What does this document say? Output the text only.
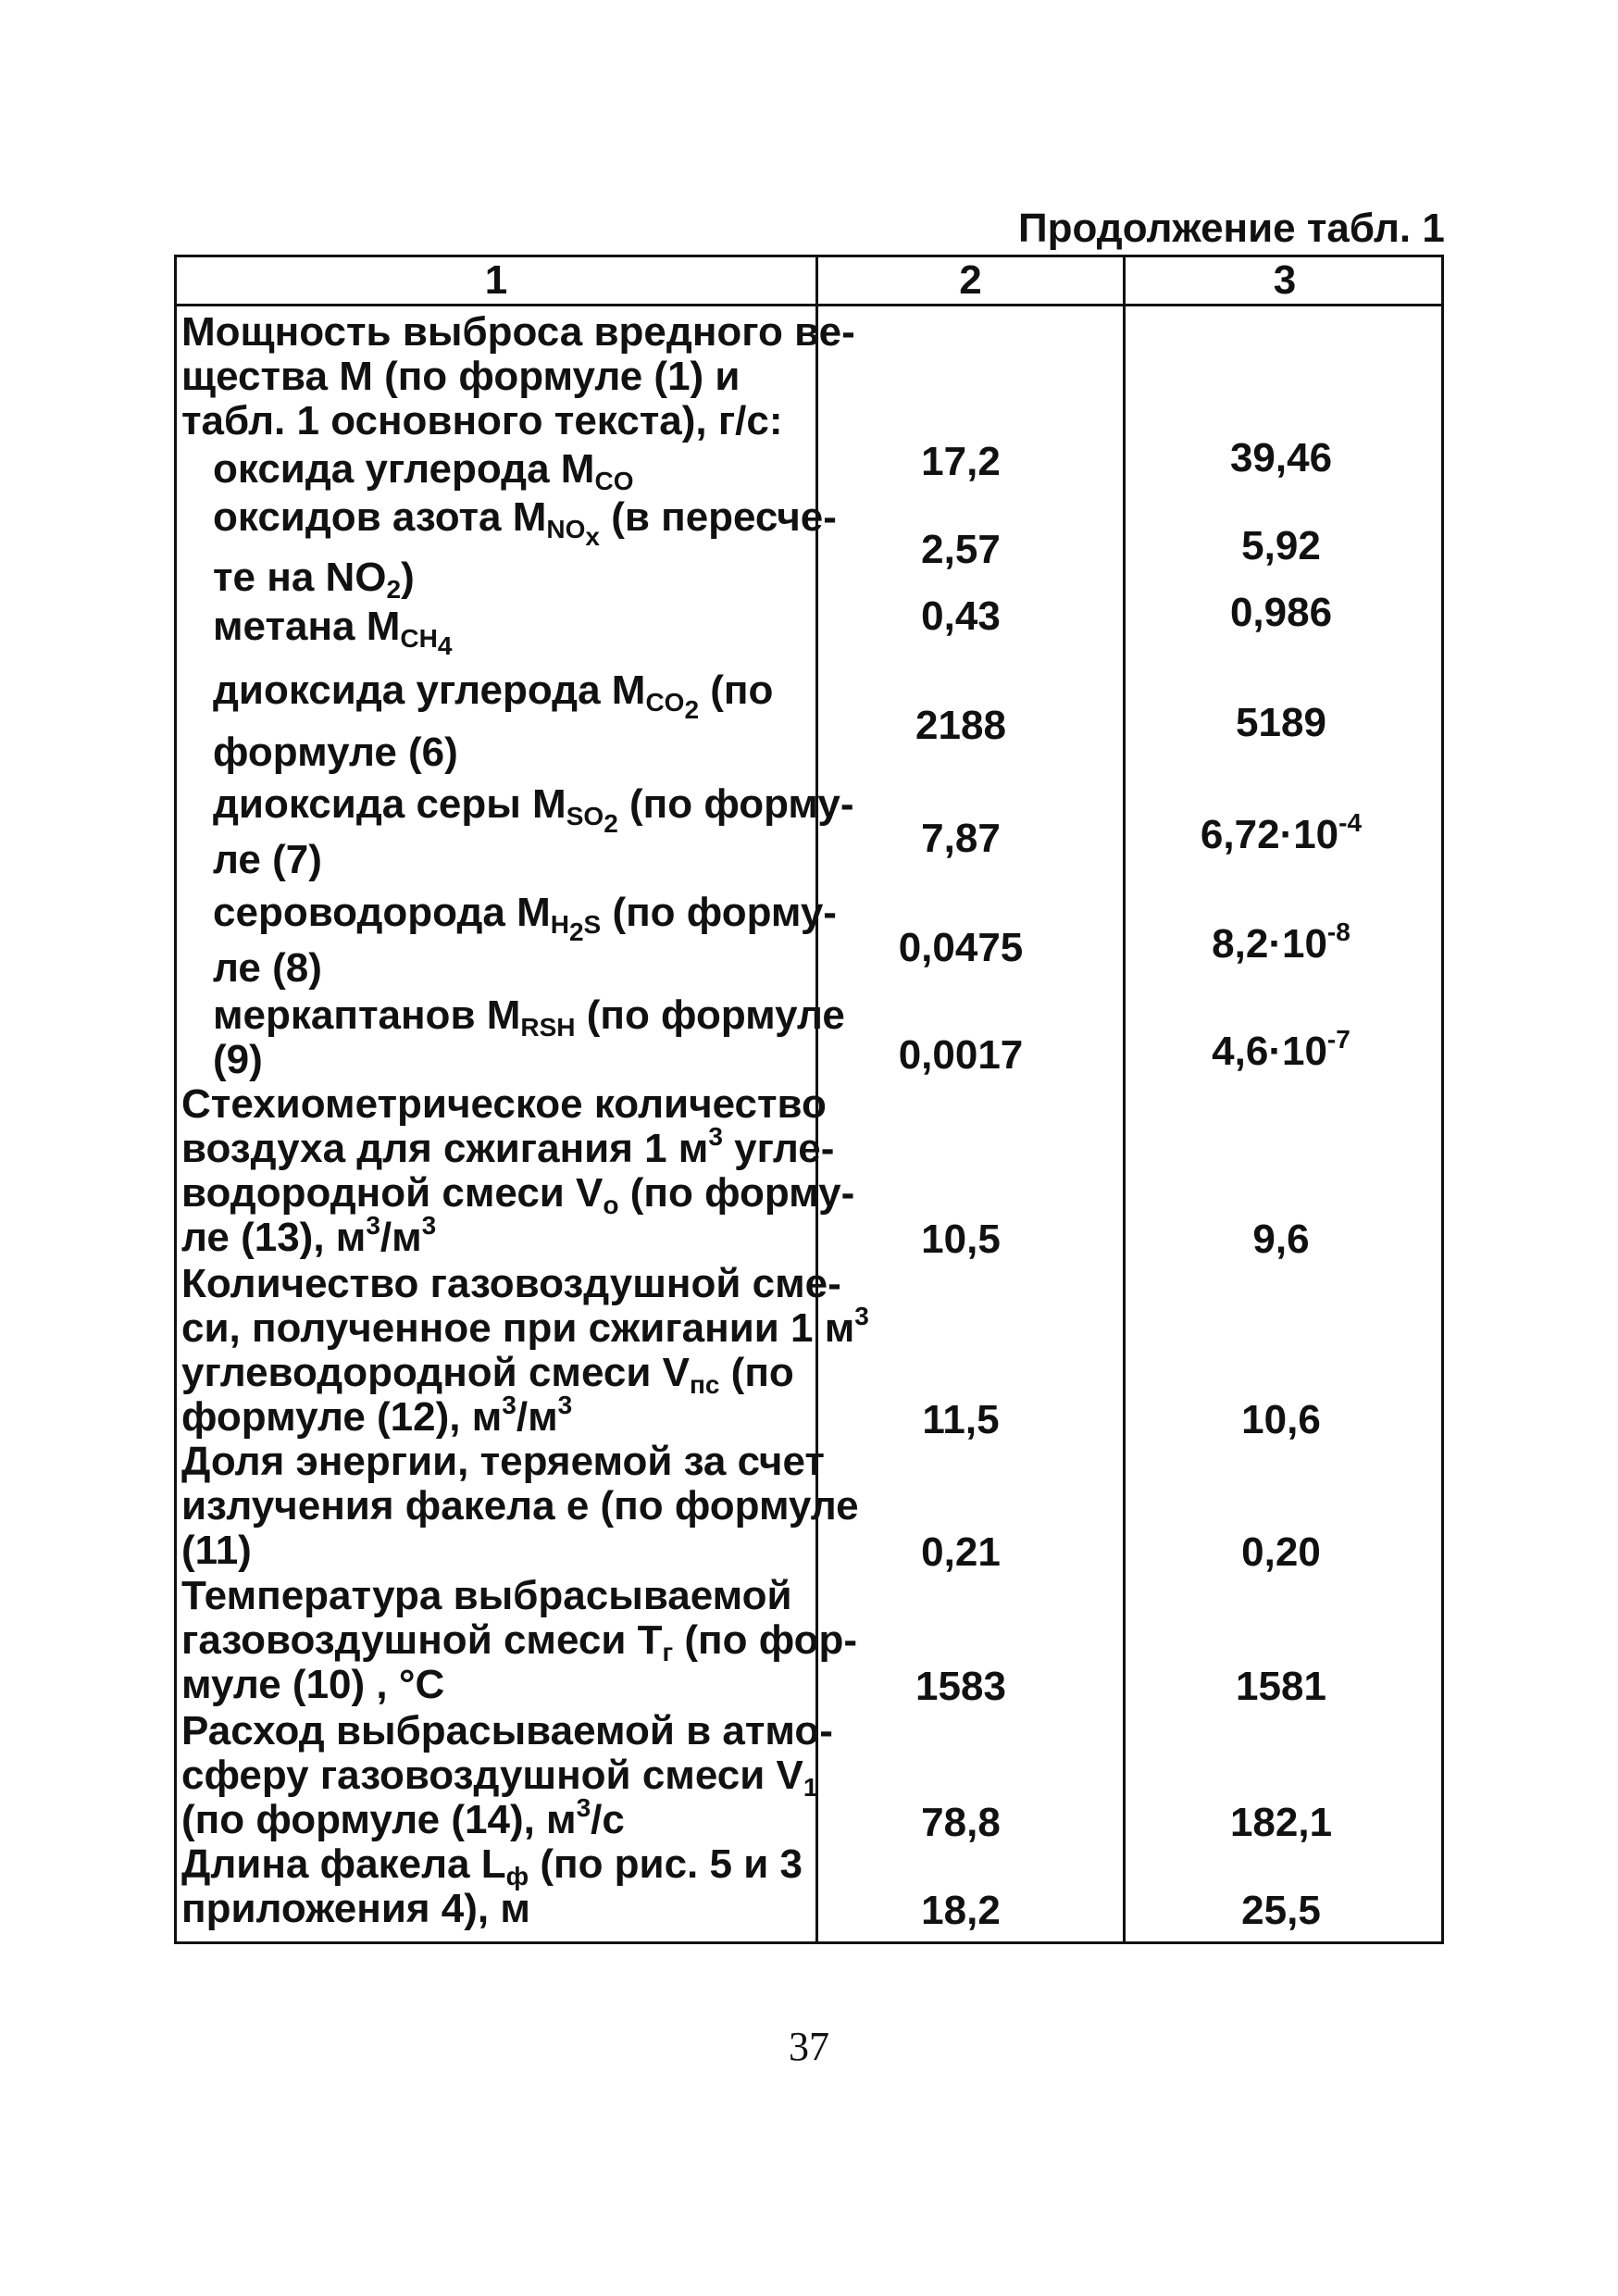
Продолжение табл. 1
1	2	3
Мощность выброса вредного ве-
щества M (по формуле (1) и
табл. 1 основного текста), г/с:
оксида углерода $M_{CO}$	17,2	39,46
оксидов азота $M_{NO_x}$ (в пересче-
те на $NO_2$)
2,57	5,92
метана $M_{CH_4}$
0,43	0,986
диоксида углерода $M_{CO_2}$ (по
формуле (6)
2188	5189
диоксида серы $M_{SO_2}$ (по форму-
ле (7)	7,87	$6,72\cdot 10^{-4}$
сероводорода $M_{H_2S}$ (по форму-
ле (8)	0,0475	$8,2\cdot 10^{-8}$
меркаптанов $M_{RSH}$ (по формуле
(9)	0,0017	$4,6\cdot 10^{-7}$
Стехиометрическое количество
воздуха для сжигания 1 $м^3$ угле-
водородной смеси $V_o$ (по форму-
ле (13), $м^3/м^3$	10,5	9,6
Количество газовоздушной сме-
си, полученное при сжигании 1 $м^3$
углеводородной смеси $V_{пс}$ (по
формуле (12), $м^3/м^3$	11,5	10,6
Доля энергии, теряемой за счет
излучения факела e (по формуле
(11)	0,21	0,20
Температура выбрасываемой
газовоздушной смеси $T_г$ (по фор-
муле (10) , °C	1583	1581
Расход выбрасываемой в атмо-
сферу газовоздушной смеси $V_1$
(по формуле (14), $м^3/с$	78,8	182,1
Длина факела $L_ф$ (по рис. 5 и 3
приложения 4), м	18,2	25,5
37
